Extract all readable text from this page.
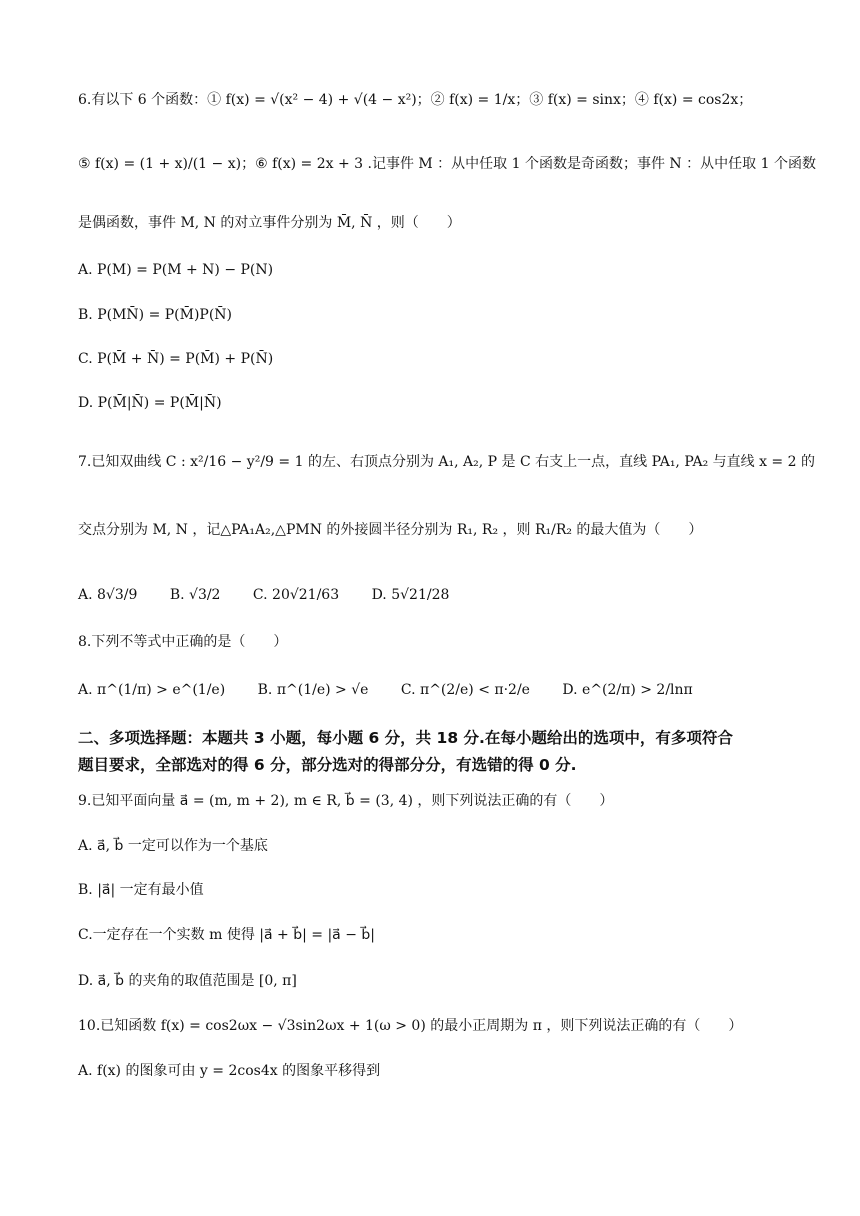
6.有以下 6 个函数：① f(x) = √(x² − 4) + √(4 − x²)；② f(x) = 1/x；③ f(x) = sinx；④ f(x) = cos2x；
⑤ f(x) = (1 + x)/(1 − x)；⑥ f(x) = 2x + 3 .记事件 M ：从中任取 1 个函数是奇函数；事件 N ：从中任取 1 个函数
是偶函数，事件 M, N 的对立事件分别为 M̄, N̄ ，则（　　）
A. P(M) = P(M + N) − P(N)
B. P(MN̄) = P(M̄)P(N̄)
C. P(M̄ + N̄) = P(M̄) + P(N̄)
D. P(M̄|N̄) = P(M̄|N̄)
7.已知双曲线 C : x²/16 − y²/9 = 1 的左、右顶点分别为 A₁, A₂, P 是 C 右支上一点，直线 PA₁, PA₂ 与直线 x = 2 的
交点分别为 M, N ，记△PA₁A₂,△PMN 的外接圆半径分别为 R₁, R₂ ，则 R₁/R₂ 的最大值为（　　）
A. 8√3/9 B. √3/2 C. 20√21/63 D. 5√21/28
8.下列不等式中正确的是（　　）
A. π^(1/π) > e^(1/e) B. π^(1/e) > √e C. π^(2/e) < π·2/e D. e^(2/π) > 2/lnπ
二、多项选择题：本题共 3 小题，每小题 6 分，共 18 分.在每小题给出的选项中，有多项符合
题目要求，全部选对的得 6 分，部分选对的得部分分，有选错的得 0 分.
9.已知平面向量 a⃗ = (m, m + 2), m ∈ R, b⃗ = (3, 4) ，则下列说法正确的有（　　）
A. a⃗, b⃗ 一定可以作为一个基底
B. |a⃗| 一定有最小值
C.一定存在一个实数 m 使得 |a⃗ + b⃗| = |a⃗ − b⃗|
D. a⃗, b⃗ 的夹角的取值范围是 [0, π]
10.已知函数 f(x) = cos2ωx − √3sin2ωx + 1(ω > 0) 的最小正周期为 π ，则下列说法正确的有（　　）
A. f(x) 的图象可由 y = 2cos4x 的图象平移得到
